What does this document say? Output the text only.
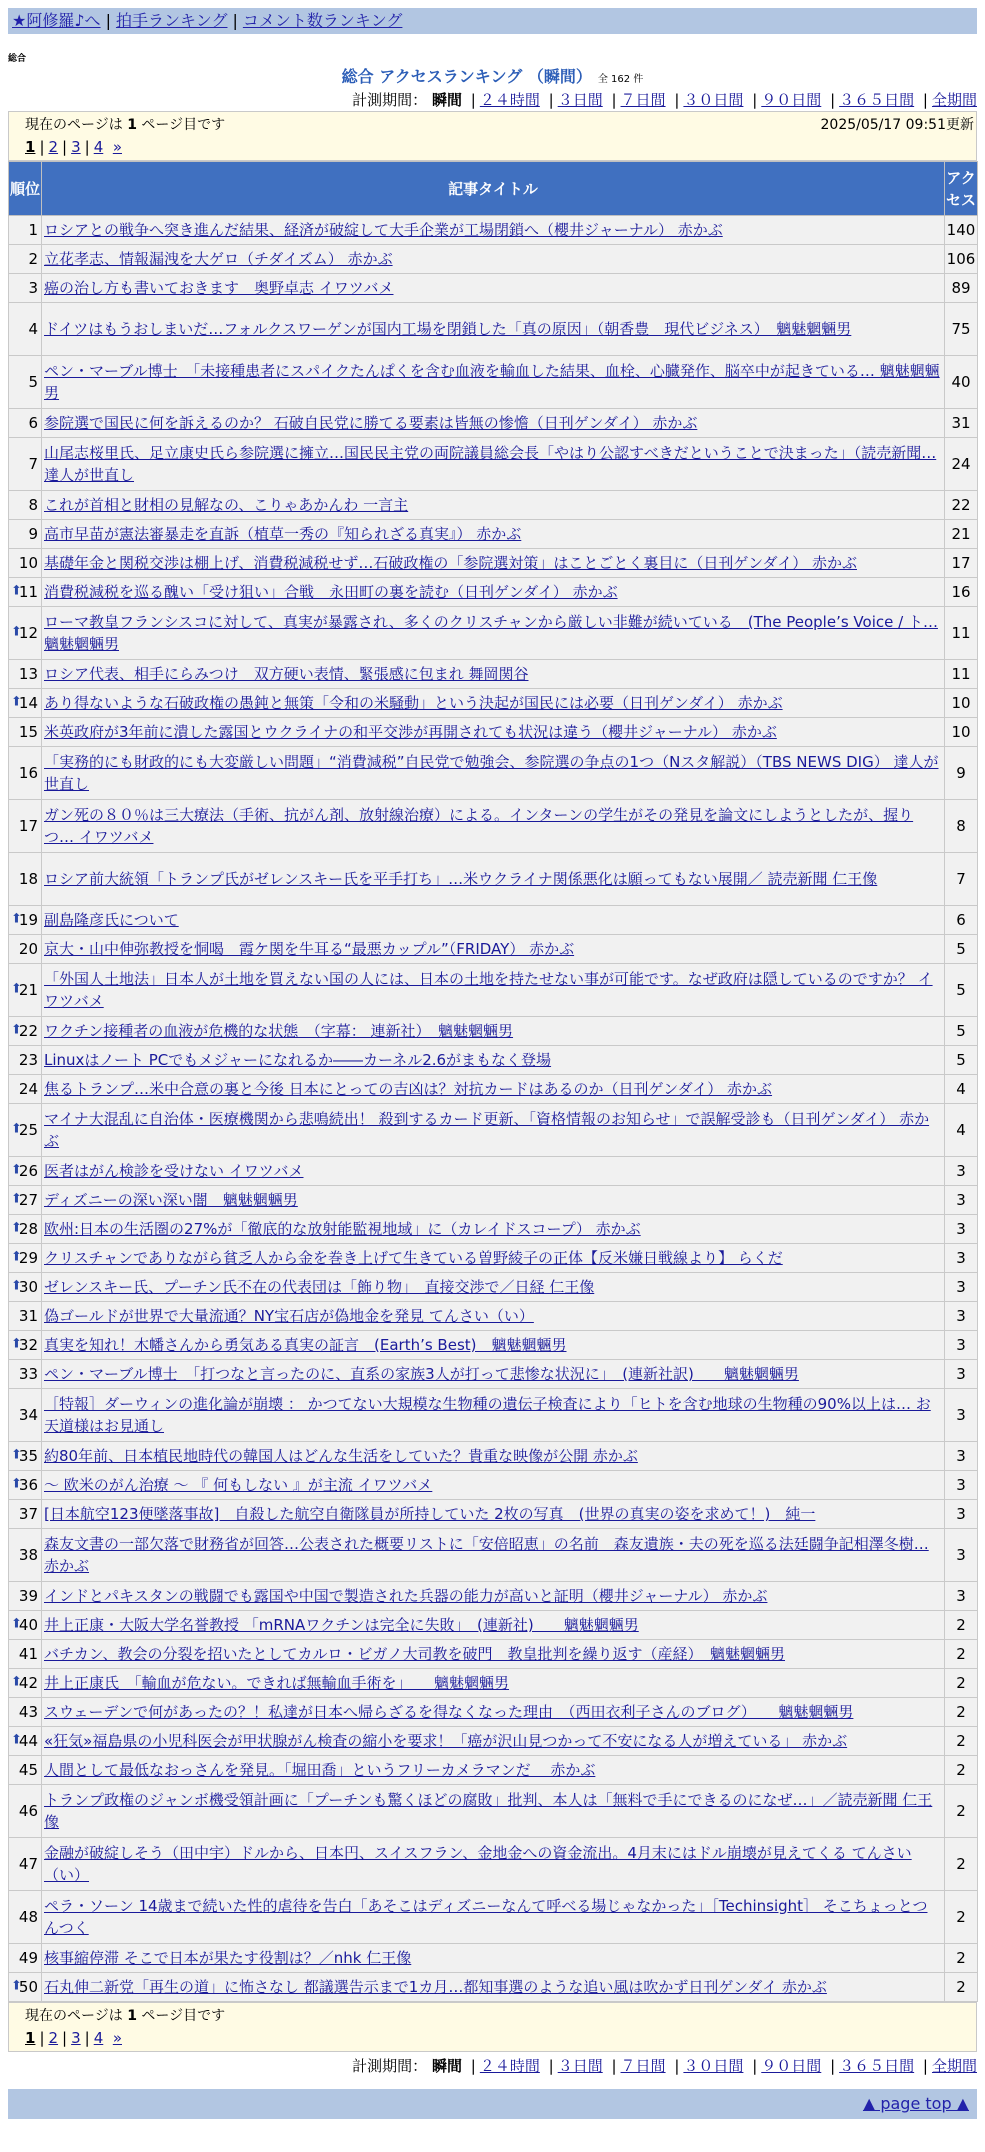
★阿修羅♪へ | 拍手ランキング | コメント数ランキング
総合
総合 アクセスランキング （瞬間） 全 162 件
計測期間： 瞬間 | ２４時間 | ３日間 | ７日間 | ３０日間 | ９０日間 | ３６５日間 | 全期間
現在のページは 1 ページ目です	2025/05/17 09:51更新
1 | 2 | 3 | 4 »
順位	記事タイトル	アクセス
1	ロシアとの戦争へ突き進んだ結果、経済が破綻して大手企業が工場閉鎖へ（櫻井ジャーナル） 赤かぶ	140
2	立花孝志、情報漏洩を大ゲロ（チダイズム） 赤かぶ	106
3	癌の治し方も書いておきます　奥野卓志 イワツバメ	89
4	ドイツはもうおしまいだ…フォルクスワーゲンが国内工場を閉鎖した「真の原因」（朝香豊　現代ビジネス）　魑魅魍魎男	75
5	ペン・マーブル博士　「未接種患者にスパイクたんぱくを含む血液を輸血した結果、血栓、心臓発作、脳卒中が起きている… 魑魅魍魎男	40
6	参院選で国民に何を訴えるのか？ 石破自民党に勝てる要素は皆無の惨憺（日刊ゲンダイ） 赤かぶ	31
7	山尾志桜里氏、足立康史氏ら参院選に擁立…国民民主党の両院議員総会長「やはり公認すべきだということで決まった」（読売新聞… 達人が世直し	24
8	これが首相と財相の見解なの、こりゃあかんわ 一言主	22
9	高市早苗が憲法審暴走を直訴（植草一秀の『知られざる真実』） 赤かぶ	21
10	基礎年金と関税交渉は棚上げ、消費税減税せず…石破政権の「参院選対策」はことごとく裏目に（日刊ゲンダイ） 赤かぶ	17

⬆
11	消費税減税を巡る醜い「受け狙い」合戦　永田町の裏を読む（日刊ゲンダイ） 赤かぶ	16

⬆
12	ローマ教皇フランシスコに対して、真実が暴露され、多くのクリスチャンから厳しい非難が続いている　(The People’s Voice / ト… 魑魅魍魎男	11
13	ロシア代表、相手にらみつけ　双方硬い表情、緊張感に包まれ 舞岡関谷	11

⬆
14	あり得ないような石破政権の愚鈍と無策「令和の米騒動」という決起が国民には必要（日刊ゲンダイ） 赤かぶ	10
15	米英政府が3年前に潰した露国とウクライナの和平交渉が再開されても状況は違う（櫻井ジャーナル） 赤かぶ	10
16	「実務的にも財政的にも大変厳しい問題」“消費減税”自民党で勉強会、参院選の争点の1つ（Nスタ解説）（TBS NEWS DIG） 達人が世直し	9
17	ガン死の８０％は三大療法（手術、抗がん剤、放射線治療）による。インターンの学生がその発見を論文にしようとしたが、握りつ… イワツバメ	8
18	ロシア前大統領「トランプ氏がゼレンスキー氏を平手打ち」…米ウクライナ関係悪化は願ってもない展開／ 読売新聞 仁王像	7

⬆
19	副島隆彦氏について	6
20	京大・山中伸弥教授を恫喝　霞ケ関を牛耳る“最悪カップル”（FRIDAY） 赤かぶ	5

⬆
21	「外国人土地法」日本人が土地を買えない国の人には、日本の土地を持たせない事が可能です。なぜ政府は隠しているのですか？ イワツバメ	5

⬆
22	ワクチン接種者の血液が危機的な状態　（字幕： 連新社）　魑魅魍魎男	5
23	Linuxはノート PCでもメジャーになれるか――カーネル2.6がまもなく登場	5
24	焦るトランプ…米中合意の裏と今後 日本にとっての吉凶は？対抗カードはあるのか（日刊ゲンダイ） 赤かぶ	4

⬆
25	マイナ大混乱に自治体・医療機関から悲鳴続出！ 殺到するカード更新、「資格情報のお知らせ」で誤解受診も（日刊ゲンダイ） 赤かぶ	4

⬆
26	医者はがん検診を受けない イワツバメ	3

⬆
27	ディズニーの深い深い闇　魑魅魍魎男	3

⬆
28	欧州:日本の生活圏の27%が「徹底的な放射能監視地域」に（カレイドスコープ） 赤かぶ	3

⬆
29	クリスチャンでありながら貧乏人から金を巻き上げて生きている曽野綾子の正体【反米嫌日戦線より】 らくだ	3

⬆
30	ゼレンスキー氏、プーチン氏不在の代表団は「飾り物」　直接交渉で／日経 仁王像	3
31	偽ゴールドが世界で大量流通？NY宝石店が偽地金を発見 てんさい（い）	3

⬆
32	真実を知れ！木幡さんから勇気ある真実の証言　(Earth’s Best)　魑魅魍魎男	3
33	ペン・マーブル博士　「打つなと言ったのに、直系の家族3人が打って悲惨な状況に」　(連新社訳)　　魑魅魍魎男	3
34	［特報］ダーウィンの進化論が崩壊 ： かつてない大規模な生物種の遺伝子検査により「ヒトを含む地球の生物種の90%以上は… お天道様はお見通し	3

⬆
35	約80年前、日本植民地時代の韓国人はどんな生活をしていた？貴重な映像が公開 赤かぶ	3

⬆
36	～ 欧米のがん治療 ～ 『 何もしない 』が主流 イワツバメ	3
37	[日本航空123便墜落事故]　自殺した航空自衛隊員が所持していた 2枚の写真　(世界の真実の姿を求めて！)　純一	3
38	森友文書の一部欠落で財務省が回答…公表された概要リストに「安倍昭恵」の名前　森友遺族・夫の死を巡る法廷闘争記相澤冬樹… 赤かぶ	3
39	インドとパキスタンの戦闘でも露国や中国で製造された兵器の能力が高いと証明（櫻井ジャーナル） 赤かぶ	3

⬆
40	井上正康・大阪大学名誉教授 「mRNAワクチンは完全に失敗」　(連新社)　　魑魅魍魎男	2
41	バチカン、教会の分裂を招いたとしてカルロ・ビガノ大司教を破門　教皇批判を繰り返す（産経）　魑魅魍魎男	2

⬆
42	井上正康氏　「輸血が危ない。できれば無輸血手術を」　　魑魅魍魎男	2
43	スウェーデンで何があったの？！私達が日本へ帰らざるを得なくなった理由　（西田衣利子さんのブログ）　　魑魅魍魎男	2

⬆
44	«狂気»福島県の小児科医会が甲状腺がん検査の縮小を要求！「癌が沢山見つかって不安になる人が増えている」 赤かぶ	2
45	人間として最低なおっさんを発見。「堀田喬」というフリーカメラマンだ　 赤かぶ	2
46	トランプ政権のジャンボ機受領計画に「プーチンも驚くほどの腐敗」批判、本人は「無料で手にできるのになぜ…」／読売新聞 仁王像	2
47	金融が破綻しそう（田中宇）ドルから、日本円、スイスフラン、金地金への資金流出。4月末にはドル崩壊が見えてくる てんさい（い）	2
48	ペラ・ソーン 14歳まで続いた性的虐待を告白「あそこはディズニーなんて呼べる場じゃなかった」［Techinsight］ そこちょっとつんつく	2
49	核事縮停滞 そこで日本が果たす役割は？／nhk 仁王像	2

⬆
50	石丸伸二新党「再生の道」に怖さなし 都議選告示まで1カ月…都知事選のような追い風は吹かず日刊ゲンダイ 赤かぶ	2
現在のページは 1 ページ目です
1 | 2 | 3 | 4 »
計測期間： 瞬間 | ２４時間 | ３日間 | ７日間 | ３０日間 | ９０日間 | ３６５日間 | 全期間
▲ page top ▲
